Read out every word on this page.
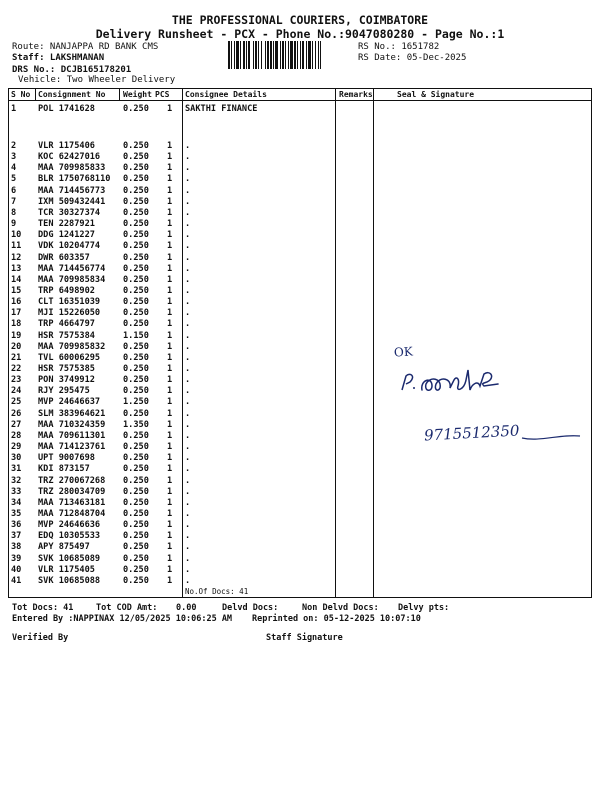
THE PROFESSIONAL COURIERS, COIMBATORE
Delivery Runsheet - PCX - Phone No.:9047080280 - Page No.:1
Route: NANJAPPA RD BANK CMS
Staff: LAKSHMANAN
DRS No.: DCJB165178201
Vehicle: Two Wheeler Delivery
RS No.: 1651782
RS Date: 05-Dec-2025
S No Consignment No Weight PCS Consignee Details	Remarks	Seal & Signature
1	POL 1741628	0.250 1 SAKTHI FINANCE
2	VLR 1175406	0.250 1 .
3	KOC 62427016	0.250 1 .
4	MAA 709985833 0.250 1 .
5	BLR 1750768110 0.250 1 .
6	MAA 714456773 0.250 1 .
7	IXM 509432441 0.250 1 .
8	TCR 30327374	0.250 1 .
9	TEN 2287921	0.250 1 .
10 DDG 1241227	0.250 1 .
11 VDK 10204774	0.250 1 .
12 DWR 603357	0.250 1 .
13 MAA 714456774 0.250 1 .
14 MAA 709985834 0.250 1 .
15 TRP 6498902	0.250 1 .
16 CLT 16351039	0.250 1 .
17 MJI 15226050	0.250 1 .
18 TRP 4664797	0.250 1 .
19 HSR 7575384	1.150 1 .
20 MAA 709985832 0.250 1 .
21 TVL 60006295	0.250 1 .
22 HSR 7575385	0.250 1 .
23 PON 3749912	0.250 1 .
24 RJY 295475	0.250 1 .
25 MVP 24646637	1.250 1 .
26 SLM 383964621 0.250 1 .
27 MAA 710324359 1.350 1 .
28 MAA 709611301 0.250 1 .
29 MAA 714123761 0.250 1 .
30 UPT 9007698	0.250 1 .
31 KDI 873157	0.250 1 .
32 TRZ 270067268 0.250 1 .
33 TRZ 280034709 0.250 1 .
34 MAA 713463181 0.250 1 .
35 MAA 712848704 0.250 1 .
36 MVP 24646636	0.250 1 .
37 EDQ 10305533	0.250 1 .
38 APY 875497	0.250 1 .
39 SVK 10685089	0.250 1 .
40 VLR 1175405	0.250 1 .
41 SVK 10685088	0.250 1 .
No.Of Docs: 41
OK
9715512350
Tot Docs: 41	Tot COD Amt: 0.00	Delvd Docs:	Non Delvd Docs: Delvy pts:
Entered By :NAPPINAX 12/05/2025 10:06:25 AM Reprinted on: 05-12-2025 10:07:10
Verified By	Staff Signature
